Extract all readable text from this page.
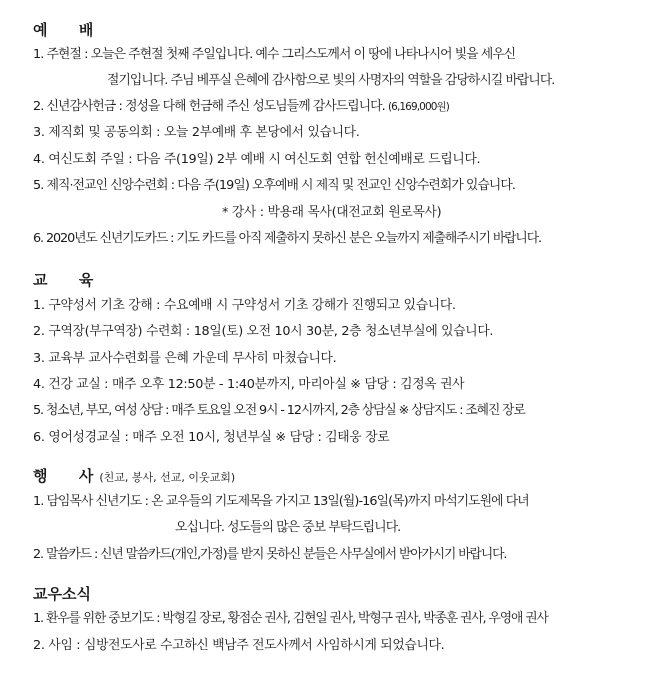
예      배
1. 주현절 : 오늘은 주현절 첫째 주일입니다. 예수 그리스도께서 이 땅에 나타나시어 빛을 세우신
절기입니다. 주님 베푸실 은혜에 감사함으로 빛의 사명자의 역할을 감당하시길 바랍니다.
2. 신년감사헌금 : 정성을 다해 헌금해 주신 성도님들께 감사드립니다. (6,169,000원)
3. 제직회 및 공동의회 : 오늘 2부예배 후 본당에서 있습니다.
4. 여신도회 주일 : 다음 주(19일) 2부 예배 시 여신도회 연합 헌신예배로 드립니다.
5. 제직·전교인 신앙수련회 : 다음 주(19일) 오후예배 시 제직 및 전교인 신앙수련회가 있습니다.
* 강사 : 박용래 목사(대전교회 원로목사)
6. 2020년도 신년기도카드 : 기도 카드를 아직 제출하지 못하신 분은 오늘까지 제출해주시기 바랍니다.
교      육
1. 구약성서 기초 강해 : 수요예배 시 구약성서 기초 강해가 진행되고 있습니다.
2. 구역장(부구역장) 수련회 : 18일(토) 오전 10시 30분, 2층 청소년부실에 있습니다.
3. 교육부 교사수련회를 은혜 가운데 무사히 마쳤습니다.
4. 건강 교실 : 매주 오후 12:50분 - 1:40분까지, 마리아실 ※ 담당 : 김정옥 권사
5. 청소년, 부모, 여성 상담 : 매주 토요일 오전 9시 - 12시까지, 2층 상담실 ※ 상담지도 : 조혜진 장로
6. 영어성경교실 : 매주 오전 10시, 청년부실 ※ 담당 : 김태웅 장로
행      사 (친교, 봉사, 선교, 이웃교회)
1. 담임목사 신년기도 : 온 교우들의 기도제목을 가지고 13일(월)-16일(목)까지 마석기도원에 다녀
오십니다. 성도들의 많은 중보 부탁드립니다.
2. 말씀카드 : 신년 말씀카드(개인,가정)를 받지 못하신 분들은 사무실에서 받아가시기 바랍니다.
교우소식
1. 환우를 위한 중보기도 : 박형길 장로, 황점순 권사, 김현일 권사, 박형구 권사, 박종훈 권사, 우영애 권사
2. 사임 : 심방전도사로 수고하신 백남주 전도사께서 사임하시게 되었습니다.
